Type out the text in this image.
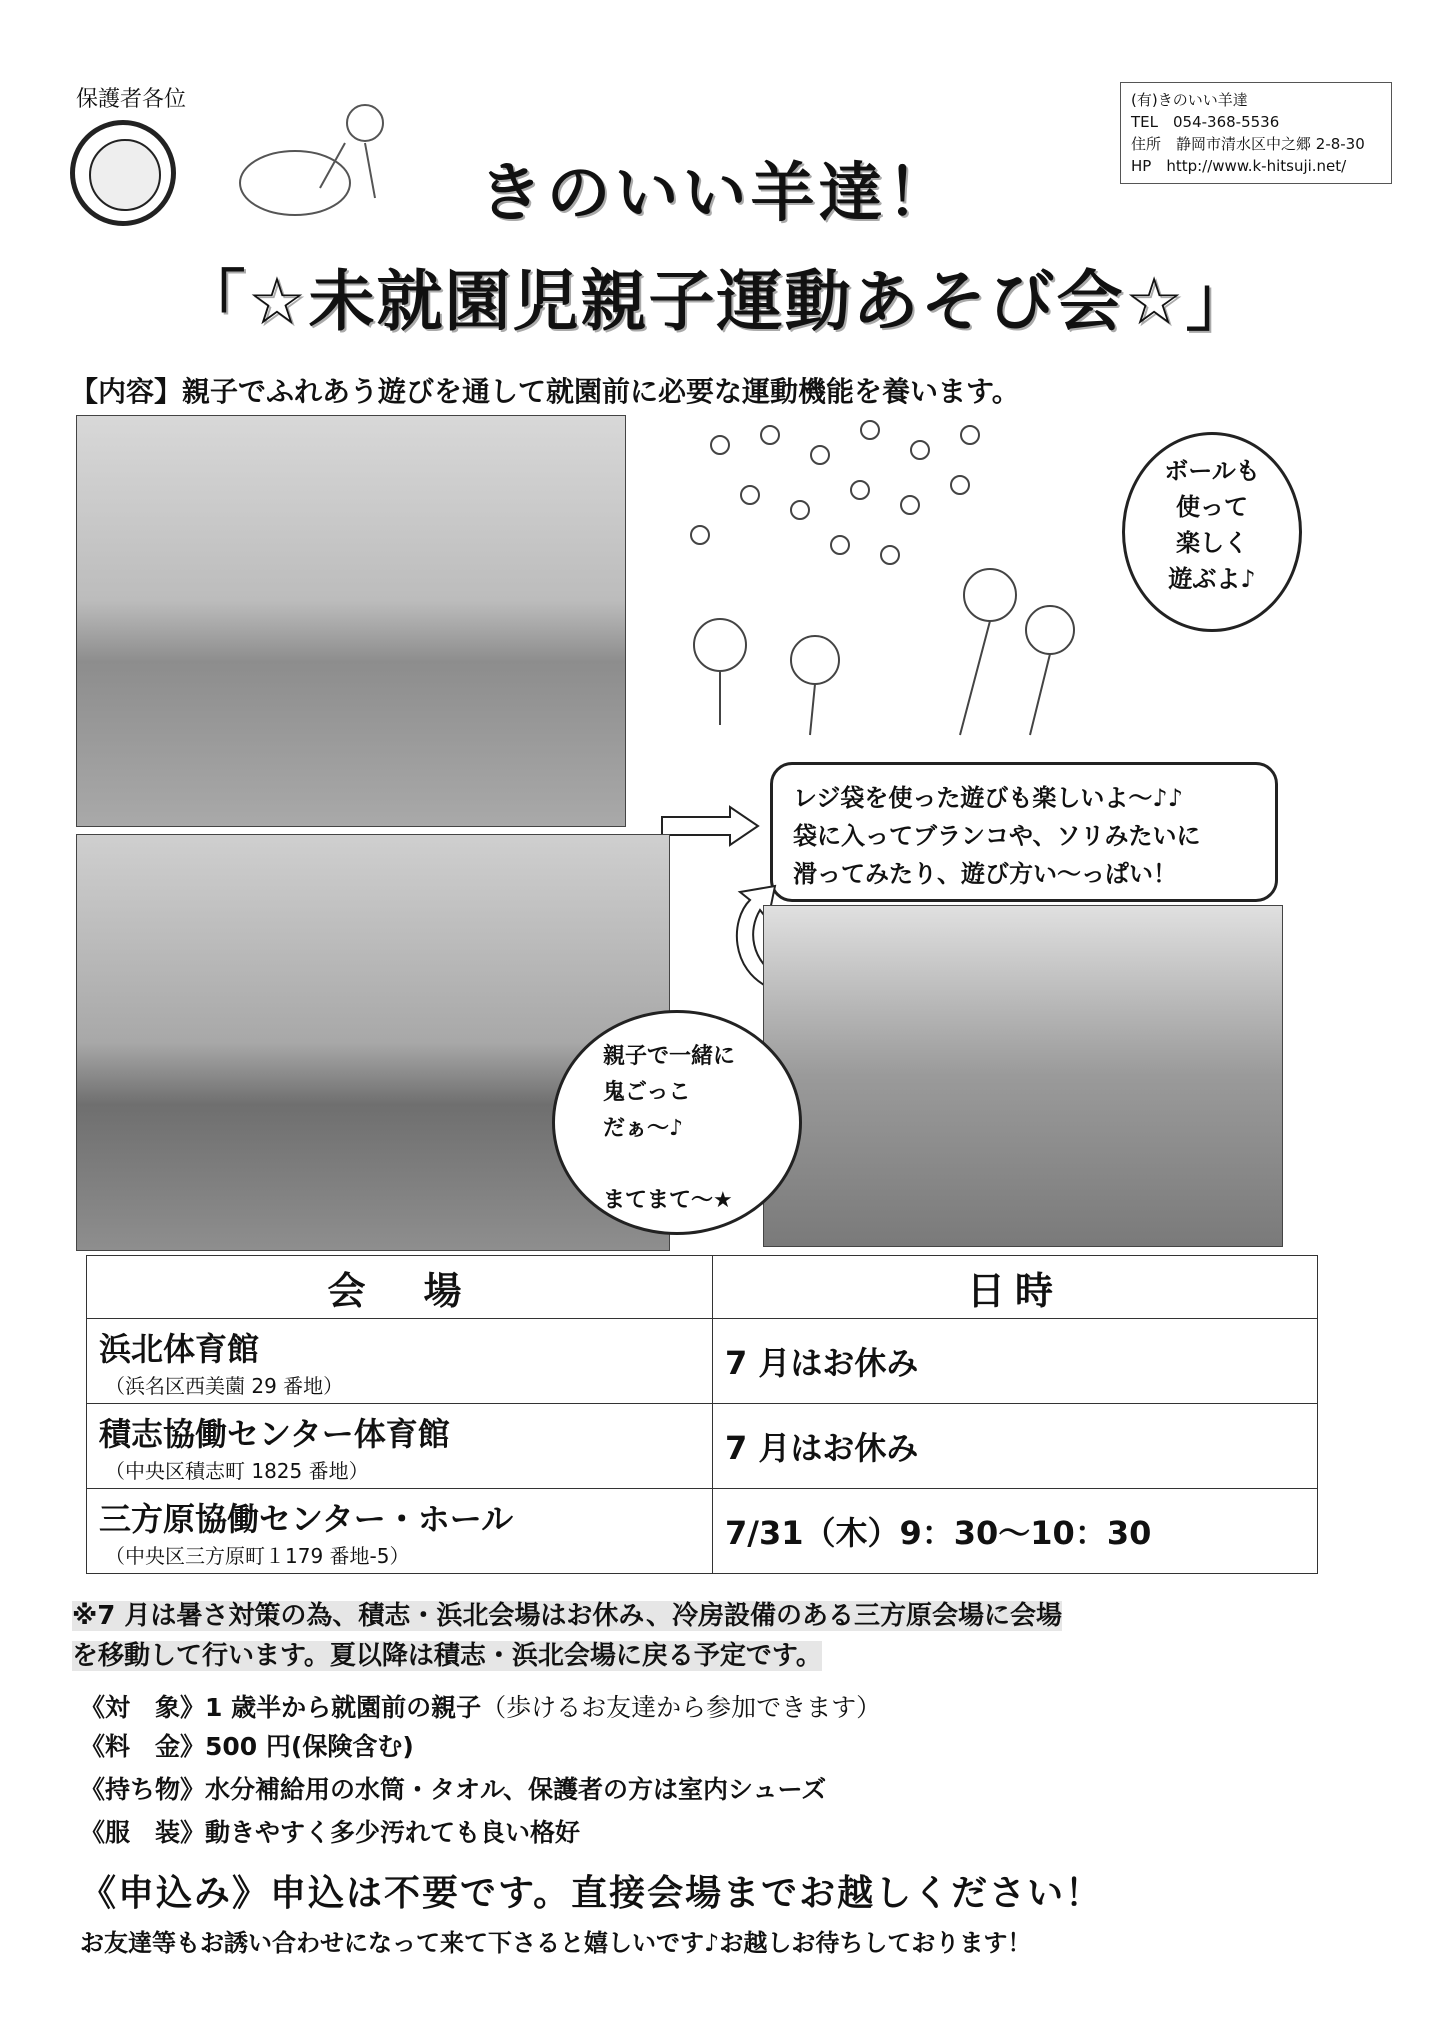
保護者各位	(有)きのいい羊達
TEL　054-368-5536
住所　静岡市清水区中之郷 2-8-30
HP　http://www.k-hitsuji.net/
きのいい羊達！
「☆未就園児親子運動あそび会☆」
【内容】親子でふれあう遊びを通して就園前に必要な運動機能を養います。
ボールも
使って
楽しく
遊ぶよ♪
レジ袋を使った遊びも楽しいよ～♪♪
袋に入ってブランコや、ソリみたいに
滑ってみたり、遊び方い～っぱい！
親子で一緒に
鬼ごっこ
だぁ～♪
まてまて～★
会　場	日時

浜北体育館
（浜名区西美薗 29 番地）	7 月はお休み

積志協働センター体育館
（中央区積志町 1825 番地）	7 月はお休み

三方原協働センター・ホール
（中央区三方原町１179 番地-5）	7/31（木）9：30～10：30
※7 月は暑さ対策の為、積志・浜北会場はお休み、冷房設備のある三方原会場に会場
を移動して行います。夏以降は積志・浜北会場に戻る予定です。
《対　象》1 歳半から就園前の親子（歩けるお友達から参加できます）
《料　金》500 円(保険含む)
《持ち物》水分補給用の水筒・タオル、保護者の方は室内シューズ
《服　装》動きやすく多少汚れても良い格好
《申込み》申込は不要です。直接会場までお越しください！
お友達等もお誘い合わせになって来て下さると嬉しいです♪お越しお待ちしております！
